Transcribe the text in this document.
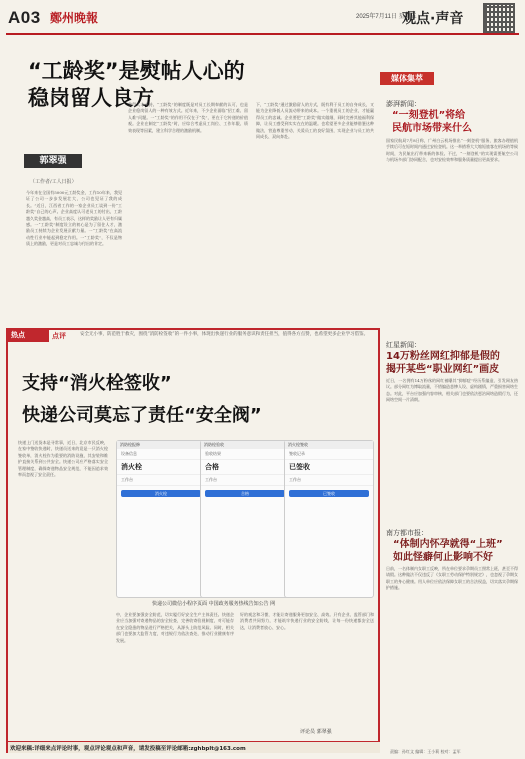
A03 鄭州晚報	2025年7月11日 星期五
观点·声音
“工龄奖”是熨帖人心的
稳岗留人良方
郭翠强
（工作者/工人日报）
今年来在全国有5000元工龄奖金，工作10年来，我见证了公司一步步发展壮大，公司也见证了我的成长。”近日，江西省工作的一家企业员工谈到一份“工龄奖”自己的心声。企业高度认可老员工的付出，工龄越久奖金越高，有员工表示，这样的奖励让人更有归属感。一“工龄奖”制度设立的初心是为了留住人才，激励员工持续为企业发展贡献力量。一“工龄奖”在高流动性行业中能起到稳定作用。一“工龄奖”，不仅是物质上的激励，更是对员工忠诚与付出的肯定。
我得人才支持。“工龄奖”的制度既是对员工长期奉献的认可，也是企业稳岗留人的一种有效方式。近年来，不少企业面临“招工难、留人难”问题。一“工龄奖”的作用不仅在于“奖”，更在于它传递的价值观。企业在制定“工龄奖”时，应综合考虑员工岗位、工作年限、绩效表现等因素，建立科学合理的激励机制。
下，“工龄奖”通过激励留人的方式，既有利于员工的自身成长，又能为企业降低人员流动带来的成本。一个重视员工的企业，才能赢得员工的忠诚。企业要把“工龄奖”做实做细，同时完善其他福利保障，让员工感受到实实在在的温暖。也希望更多企业能够借鉴这种做法，营造尊重劳动、关爱员工的良好氛围，实现企业与员工的共同成长、双向奔赴。
媒体集萃
澎湃新闻：
“一刻登机”将给
民航市场带来什么
国家民航局7月8日称，广州白云机场推出“一刻登机”服务，旅客办理值机手续后可在短时间内通过安检登机。这一举措将大大缩短旅客在机场的等候时间，为民航出行带来新的体验。不过，“一刻登机”的实现需要航空公司与机场多部门协同配合，也对安检效率和服务质量提出更高要求。
红星新闻：
14万粉丝网红抑郁是假的
揭开某些“职业网红”画皮
近日，一名拥有14万粉丝的网红被曝其“抑郁症”经历系编造，引发网友热议。部分网红为博取流量，不惜编造悲惨人设、虚构剧情，严重损害网络生态。对此，平台应加强内容审核，相关部门也要依法惩治网络造假行为，还网络空间一片清朗。
南方都市报：
“体制内怀孕就得“上班”
如此怪癖何止影响不好
日前，一名体制内女职工反映，所在单位要求孕期员工照常上班，甚至不得请假。这种做法不仅违反了《女职工劳动保护特别规定》，也忽视了孕期女职工的身心健康。用人单位应依法保障女职工的合法权益，切实落实孕期保护措施。
热点	点评	安全无小事，防范胜于救灾，围绕“消防栓签收”的一件小事，体现出快递行业的服务意识和责任担当，值得各方点赞，也希望更多企业学习借鉴。
支持“消火栓签收”
快递公司莫忘了责任“安全阀”
快递上门送货本是寻常事，近日，北京市民反映，在家中签收快递时，快递员送来的竟是一只消火栓签收单，消火栓作为重要的消防设施，其安装和维护直接关系到公共安全。快递公司应严格落实安全管理制度，确保寄递物品安全规范，不能因追求效率而忽视了安全责任。
消防栓报修
设备信息
消火栓
工作台
消火栓
消防栓验收
验收结果
合格
工作台
合格
消火栓签收
签收记录
已签收
工作台
已签收
快递公司微信小程序页面 中国政务服务热线告知公告 网
中，企业要加强安全防范，切实履行好安全生产主体责任。快递企业应当加强对寄递物品的安全检查，完善收寄验视制度，对可能存在安全隐患的物品进行严格把关，从源头上防范风险。同时，相关部门也要加大监管力度，对违规行为依法查处，推动行业健康有序发展。
好的观念和习惯，才能让寄递服务更加安全、高效。只有企业、监管部门和消费者共同努力，才能筑牢快递行业的安全防线，让每一份快递都安全送达，让消费者放心、安心。
评论员 郭翠强
欢迎来稿:详细来点评论时事，观点评论观点和声音，请发投稿至评论邮箱:zghbplt@163.com	责编：孙红文 编辑：王小莉 校对：孟军
